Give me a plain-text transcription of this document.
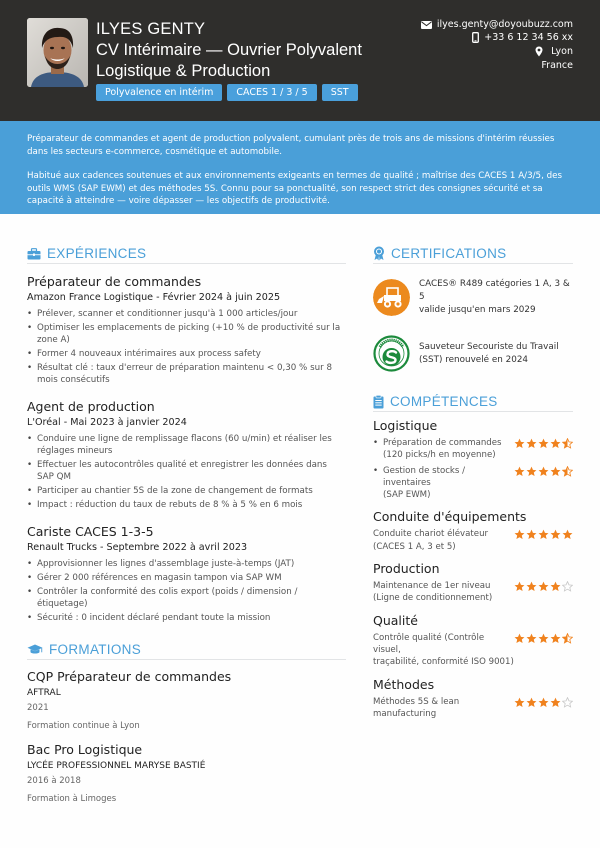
ILYES GENTY
CV Intérimaire — Ouvrier Polyvalent
Logistique & Production
Polyvalence en intérim	CACES 1 / 3 / 5	SST
ilyes.genty@doyoubuzz.com
+33 6 12 34 56 xx
Lyon
France

Préparateur de commandes et agent de production polyvalent, cumulant près de trois ans de missions d'intérim réussies dans les secteurs e-commerce, cosmétique et automobile.

Habitué aux cadences soutenues et aux environnements exigeants en termes de qualité ; maîtrise des CACES 1 A/3/5, des outils WMS (SAP EWM) et des méthodes 5S. Connu pour sa ponctualité, son respect strict des consignes sécurité et sa capacité à atteindre — voire dépasser — les objectifs de productivité.

EXPÉRIENCES
Préparateur de commandes
Amazon France Logistique - Février 2024 à juin 2025
• Prélever, scanner et conditionner jusqu'à 1 000 articles/jour
• Optimiser les emplacements de picking (+10 % de productivité sur la zone A)
• Former 4 nouveaux intérimaires aux process safety
• Résultat clé : taux d'erreur de préparation maintenu < 0,30 % sur 8 mois consécutifs
Agent de production
L'Oréal - Mai 2023 à janvier 2024
• Conduire une ligne de remplissage flacons (60 u/min) et réaliser les réglages mineurs
• Effectuer les autocontrôles qualité et enregistrer les données dans SAP QM
• Participer au chantier 5S de la zone de changement de formats
• Impact : réduction du taux de rebuts de 8 % à 5 % en 6 mois
Cariste CACES 1-3-5
Renault Trucks - Septembre 2022 à avril 2023
• Approvisionner les lignes d'assemblage juste-à-temps (JAT)
• Gérer 2 000 références en magasin tampon via SAP WM
• Contrôler la conformité des colis export (poids / dimension / étiquetage)
• Sécurité : 0 incident déclaré pendant toute la mission
FORMATIONS
CQP Préparateur de commandes
AFTRAL
2021
Formation continue à Lyon
Bac Pro Logistique
LYCÉE PROFESSIONNEL MARYSE BASTIÉ
2016 à 2018
Formation à Limoges
CERTIFICATIONS
CACES® R489 catégories 1 A, 3 & 5
valide jusqu'en mars 2029
Sauveteur Secouriste du Travail
(SST) renouvelé en 2024
COMPÉTENCES
Logistique
• Préparation de commandes
(120 picks/h en moyenne)
• Gestion de stocks / inventaires
(SAP EWM)
Conduite d'équipements
Conduite chariot élévateur
(CACES 1 A, 3 et 5)
Production
Maintenance de 1er niveau
(Ligne de conditionnement)
Qualité
Contrôle qualité (Contrôle visuel,
traçabilité, conformité ISO 9001)
Méthodes
Méthodes 5S & lean
manufacturing
